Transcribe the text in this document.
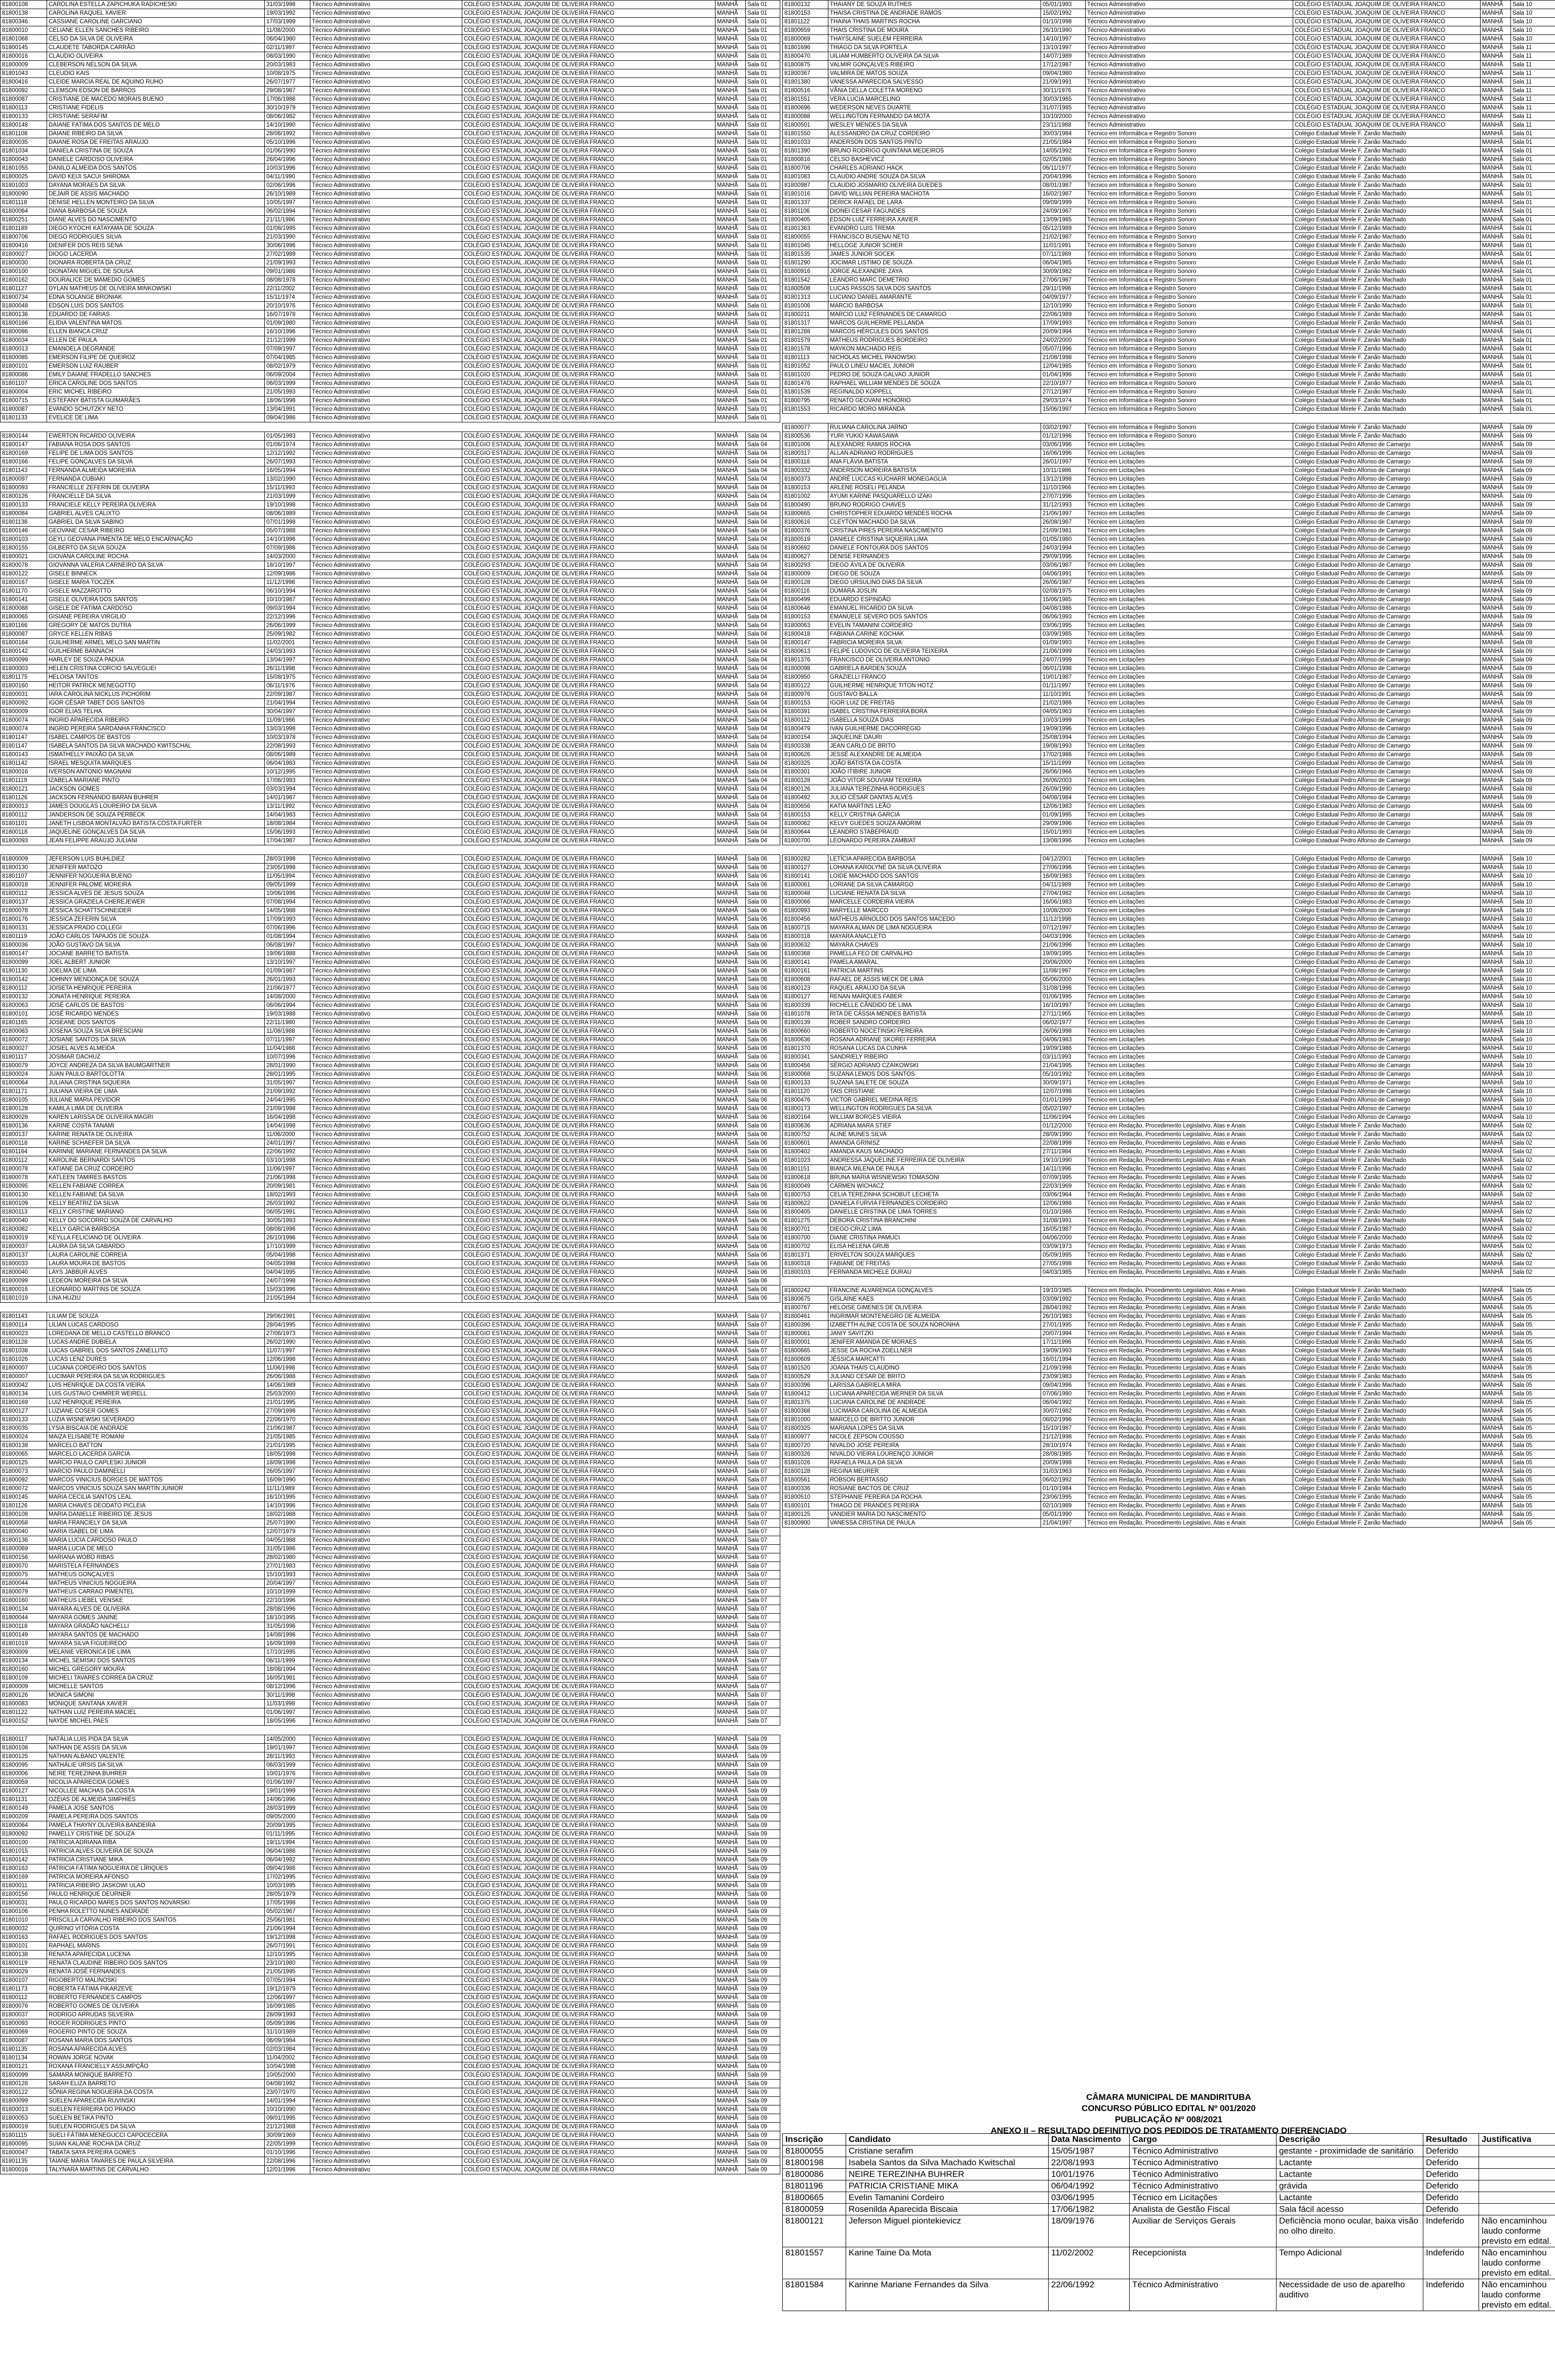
81800108	CAROLINA ESTELLA ZAPICHUKA RADICHESKI	31/03/1998	Técnico Administrativo	COLÉGIO ESTADUAL JOAQUIM DE OLIVEIRA FRANCO	MANHÃ	Sala 01
81800138	CAROLINA RAQUEL XAVIER	19/03/1992	Técnico Administrativo	COLÉGIO ESTADUAL JOAQUIM DE OLIVEIRA FRANCO	MANHÃ	Sala 01
81800346	CASSIANE CAROLINE GARCIANO	17/03/1999	Técnico Administrativo	COLÉGIO ESTADUAL JOAQUIM DE OLIVEIRA FRANCO	MANHÃ	Sala 01
81800010	CELIANE ELLEN SANCHES RIBEIRO	11/08/2000	Técnico Administrativo	COLÉGIO ESTADUAL JOAQUIM DE OLIVEIRA FRANCO	MANHÃ	Sala 01
81801068	CELSO DA SILVA DE OLIVEIRA	06/04/1980	Técnico Administrativo	COLÉGIO ESTADUAL JOAQUIM DE OLIVEIRA FRANCO	MANHÃ	Sala 01
81800145	CLAUDETE TABORDA CARRÃO	02/11/1987	Técnico Administrativo	COLÉGIO ESTADUAL JOAQUIM DE OLIVEIRA FRANCO	MANHÃ	Sala 01
81800016	CLAUDIO OLIVEIRA	08/03/1990	Técnico Administrativo	COLÉGIO ESTADUAL JOAQUIM DE OLIVEIRA FRANCO	MANHÃ	Sala 01
81800009	CLEBERSON NELSON DA SILVA	20/03/1983	Técnico Administrativo	COLÉGIO ESTADUAL JOAQUIM DE OLIVEIRA FRANCO	MANHÃ	Sala 01
81801043	CLEUDIO KAIS	10/08/1975	Técnico Administrativo	COLÉGIO ESTADUAL JOAQUIM DE OLIVEIRA FRANCO	MANHÃ	Sala 01
81800416	CLEIDE MARCIA REAL DE AQUINO RUHO	26/07/1977	Técnico Administrativo	COLÉGIO ESTADUAL JOAQUIM DE OLIVEIRA FRANCO	MANHÃ	Sala 01
81800092	CLEMSON EDSON DE BARROS	29/08/1987	Técnico Administrativo	COLÉGIO ESTADUAL JOAQUIM DE OLIVEIRA FRANCO	MANHÃ	Sala 01
81800087	CRISTIANE DE MACEDO MORAIS BUENO	17/06/1986	Técnico Administrativo	COLÉGIO ESTADUAL JOAQUIM DE OLIVEIRA FRANCO	MANHÃ	Sala 01
81800113	CRISTIANE FIDELIS	30/10/1979	Técnico Administrativo	COLÉGIO ESTADUAL JOAQUIM DE OLIVEIRA FRANCO	MANHÃ	Sala 01
81800133	CRISTIANE SERAFIM	08/06/1982	Técnico Administrativo	COLÉGIO ESTADUAL JOAQUIM DE OLIVEIRA FRANCO	MANHÃ	Sala 01
81800148	DAIANE FATIMA DOS SANTOS DE MELO	14/10/1990	Técnico Administrativo	COLÉGIO ESTADUAL JOAQUIM DE OLIVEIRA FRANCO	MANHÃ	Sala 01
81801108	DAIANE RIBEIRO DA SILVA	28/06/1992	Técnico Administrativo	COLÉGIO ESTADUAL JOAQUIM DE OLIVEIRA FRANCO	MANHÃ	Sala 01
81800035	DAIANE ROSA DE FREITAS ARAUJO	05/10/1996	Técnico Administrativo	COLÉGIO ESTADUAL JOAQUIM DE OLIVEIRA FRANCO	MANHÃ	Sala 01
81801034	DANIELA CRISTINA DE SOUZA	01/06/1990	Técnico Administrativo	COLÉGIO ESTADUAL JOAQUIM DE OLIVEIRA FRANCO	MANHÃ	Sala 01
81800043	DANIELE CARDOSO OLIVEIRA	26/04/1996	Técnico Administrativo	COLÉGIO ESTADUAL JOAQUIM DE OLIVEIRA FRANCO	MANHÃ	Sala 01
81801055	DANILO ALMEIDA DOS SANTOS	10/03/1996	Técnico Administrativo	COLÉGIO ESTADUAL JOAQUIM DE OLIVEIRA FRANCO	MANHÃ	Sala 01
81800025	DAVID KEIJI SACUI SHIROMA	04/11/1990	Técnico Administrativo	COLÉGIO ESTADUAL JOAQUIM DE OLIVEIRA FRANCO	MANHÃ	Sala 01
81801003	DAYANA MORAES DA SILVA	02/06/1996	Técnico Administrativo	COLÉGIO ESTADUAL JOAQUIM DE OLIVEIRA FRANCO	MANHÃ	Sala 01
81800090	DEJAIR DE ASSIS MACHADO	26/10/1989	Técnico Administrativo	COLÉGIO ESTADUAL JOAQUIM DE OLIVEIRA FRANCO	MANHÃ	Sala 01
81801118	DENISE HELLEN MONTEIRO DA SILVA	10/05/1997	Técnico Administrativo	COLÉGIO ESTADUAL JOAQUIM DE OLIVEIRA FRANCO	MANHÃ	Sala 01
81800064	DIANA BARBOSA DE SOUZA	06/02/1994	Técnico Administrativo	COLÉGIO ESTADUAL JOAQUIM DE OLIVEIRA FRANCO	MANHÃ	Sala 01
81800251	DIANE ALVES DO NASCIMENTO	21/11/1986	Técnico Administrativo	COLÉGIO ESTADUAL JOAQUIM DE OLIVEIRA FRANCO	MANHÃ	Sala 01
81801189	DIEGO KYOCHI KATAYAMA DE SOUZA	01/08/1995	Técnico Administrativo	COLÉGIO ESTADUAL JOAQUIM DE OLIVEIRA FRANCO	MANHÃ	Sala 01
81800706	DIEGO RODRIGUES SILVA	21/03/1990	Técnico Administrativo	COLÉGIO ESTADUAL JOAQUIM DE OLIVEIRA FRANCO	MANHÃ	Sala 01
81800416	DIENIFER DOS REIS SENA	30/06/1996	Técnico Administrativo	COLÉGIO ESTADUAL JOAQUIM DE OLIVEIRA FRANCO	MANHÃ	Sala 01
81800027	DIOGO LACERDA	27/02/1989	Técnico Administrativo	COLÉGIO ESTADUAL JOAQUIM DE OLIVEIRA FRANCO	MANHÃ	Sala 01
81800030	DIONARA ROBERTA DA CRUZ	21/09/1993	Técnico Administrativo	COLÉGIO ESTADUAL JOAQUIM DE OLIVEIRA FRANCO	MANHÃ	Sala 01
81800100	DIONATAN MIGUEL DE SOUSA	09/01/1986	Técnico Administrativo	COLÉGIO ESTADUAL JOAQUIM DE OLIVEIRA FRANCO	MANHÃ	Sala 01
81800162	DOURALICE DE MAMEDIO GOMES	08/08/1978	Técnico Administrativo	COLÉGIO ESTADUAL JOAQUIM DE OLIVEIRA FRANCO	MANHÃ	Sala 01
81801127	DYLAN MATHEUS DE OLIVEIRA MINKOWSKI	22/11/2002	Técnico Administrativo	COLÉGIO ESTADUAL JOAQUIM DE OLIVEIRA FRANCO	MANHÃ	Sala 01
81800734	EDNA SOLANGE BRONIAK	15/11/1974	Técnico Administrativo	COLÉGIO ESTADUAL JOAQUIM DE OLIVEIRA FRANCO	MANHÃ	Sala 01
81800048	EDSON LUIS DOS SANTOS	20/10/1976	Técnico Administrativo	COLÉGIO ESTADUAL JOAQUIM DE OLIVEIRA FRANCO	MANHÃ	Sala 01
81800136	EDUARDO DE FARIAS	16/07/1978	Técnico Administrativo	COLÉGIO ESTADUAL JOAQUIM DE OLIVEIRA FRANCO	MANHÃ	Sala 01
81800166	ELIDIA VALENTINA MATOS	01/09/1980	Técnico Administrativo	COLÉGIO ESTADUAL JOAQUIM DE OLIVEIRA FRANCO	MANHÃ	Sala 01
81800086	ELLEN BIANCA CRUZ	16/10/1996	Técnico Administrativo	COLÉGIO ESTADUAL JOAQUIM DE OLIVEIRA FRANCO	MANHÃ	Sala 01
81800034	ELLEN DE PAULA	21/12/1999	Técnico Administrativo	COLÉGIO ESTADUAL JOAQUIM DE OLIVEIRA FRANCO	MANHÃ	Sala 01
81800013	EMANOELA DEGRANDE	07/09/1997	Técnico Administrativo	COLÉGIO ESTADUAL JOAQUIM DE OLIVEIRA FRANCO	MANHÃ	Sala 01
81800085	EMERSON FILIPE DE QUEIROZ	07/04/1985	Técnico Administrativo	COLÉGIO ESTADUAL JOAQUIM DE OLIVEIRA FRANCO	MANHÃ	Sala 01
81800101	EMERSON LUIZ RAUBER	08/02/1979	Técnico Administrativo	COLÉGIO ESTADUAL JOAQUIM DE OLIVEIRA FRANCO	MANHÃ	Sala 01
81800086	EMILY DAIANE FRADELLO SANCHES	06/09/2004	Técnico Administrativo	COLÉGIO ESTADUAL JOAQUIM DE OLIVEIRA FRANCO	MANHÃ	Sala 01
81801107	ERICA CAROLINE DOS SANTOS	06/03/1999	Técnico Administrativo	COLÉGIO ESTADUAL JOAQUIM DE OLIVEIRA FRANCO	MANHÃ	Sala 01
81800004	ERIC MICHEL RIBEIRO	21/05/1993	Técnico Administrativo	COLÉGIO ESTADUAL JOAQUIM DE OLIVEIRA FRANCO	MANHÃ	Sala 01
81800715	ESTEFANY BATISTA GUIMARÃES	18/06/1998	Técnico Administrativo	COLÉGIO ESTADUAL JOAQUIM DE OLIVEIRA FRANCO	MANHÃ	Sala 01
81800087	EVANDO SCHUTZKY NETO	13/04/1991	Técnico Administrativo	COLÉGIO ESTADUAL JOAQUIM DE OLIVEIRA FRANCO	MANHÃ	Sala 01
81801133	EVELICE DE LIMA	09/04/1986	Técnico Administrativo	COLÉGIO ESTADUAL JOAQUIM DE OLIVEIRA FRANCO	MANHÃ	Sala 01
81800144	EWERTON RICARDO OLIVEIRA	01/05/1993	Técnico Administrativo	COLÉGIO ESTADUAL JOAQUIM DE OLIVEIRA FRANCO	MANHÃ	Sala 04
81800147	FABIANA ROSA DOS SANTOS	01/06/1974	Técnico Administrativo	COLÉGIO ESTADUAL JOAQUIM DE OLIVEIRA FRANCO	MANHÃ	Sala 04
81800169	FELIPE DE LIMA DOS SANTOS	12/12/1992	Técnico Administrativo	COLÉGIO ESTADUAL JOAQUIM DE OLIVEIRA FRANCO	MANHÃ	Sala 04
81800166	FELIPE GONÇALVES DA SILVA	26/07/1993	Técnico Administrativo	COLÉGIO ESTADUAL JOAQUIM DE OLIVEIRA FRANCO	MANHÃ	Sala 04
81801143	FERNANDA ALMEIDA MOREIRA	16/05/1994	Técnico Administrativo	COLÉGIO ESTADUAL JOAQUIM DE OLIVEIRA FRANCO	MANHÃ	Sala 04
81800097	FERNANDA CUBIAKI	13/02/1990	Técnico Administrativo	COLÉGIO ESTADUAL JOAQUIM DE OLIVEIRA FRANCO	MANHÃ	Sala 04
81800093	FRANCIELLE ZEFERIN DE OLIVEIRA	15/11/1993	Técnico Administrativo	COLÉGIO ESTADUAL JOAQUIM DE OLIVEIRA FRANCO	MANHÃ	Sala 04
81800126	FRANCIELLE DA SILVA	21/03/1999	Técnico Administrativo	COLÉGIO ESTADUAL JOAQUIM DE OLIVEIRA FRANCO	MANHÃ	Sala 04
81800133	FRANCIELE KELLY PEREIRA OLIVEIRA	19/10/1998	Técnico Administrativo	COLÉGIO ESTADUAL JOAQUIM DE OLIVEIRA FRANCO	MANHÃ	Sala 04
81800084	GABRIEL ALVES CALIXTO	08/06/1989	Técnico Administrativo	COLÉGIO ESTADUAL JOAQUIM DE OLIVEIRA FRANCO	MANHÃ	Sala 04
81801138	GABRIEL DA SILVA SABINO	07/01/1998	Técnico Administrativo	COLÉGIO ESTADUAL JOAQUIM DE OLIVEIRA FRANCO	MANHÃ	Sala 04
81800146	GEOVANE CESAR RIBEIRO	05/07/1988	Técnico Administrativo	COLÉGIO ESTADUAL JOAQUIM DE OLIVEIRA FRANCO	MANHÃ	Sala 04
81800103	GEYLI GEOVANA PIMENTA DE MELO ENCARNAÇÃO	14/10/1996	Técnico Administrativo	COLÉGIO ESTADUAL JOAQUIM DE OLIVEIRA FRANCO	MANHÃ	Sala 04
81800155	GILBERTO DA SILVA SOUZA	07/09/1986	Técnico Administrativo	COLÉGIO ESTADUAL JOAQUIM DE OLIVEIRA FRANCO	MANHÃ	Sala 04
81800021	GIOVANA CAROLINE ROCHA	14/03/2000	Técnico Administrativo	COLÉGIO ESTADUAL JOAQUIM DE OLIVEIRA FRANCO	MANHÃ	Sala 04
81800078	GIOVANNA VALERIA CARNEIRO DA SILVA	18/10/1997	Técnico Administrativo	COLÉGIO ESTADUAL JOAQUIM DE OLIVEIRA FRANCO	MANHÃ	Sala 04
81800122	GISELE BINNECK	12/09/1986	Técnico Administrativo	COLÉGIO ESTADUAL JOAQUIM DE OLIVEIRA FRANCO	MANHÃ	Sala 04
81800167	GISELE MARIA TOCZEK	11/12/1998	Técnico Administrativo	COLÉGIO ESTADUAL JOAQUIM DE OLIVEIRA FRANCO	MANHÃ	Sala 04
81801170	GISELE MAZZAROTTO	06/10/1994	Técnico Administrativo	COLÉGIO ESTADUAL JOAQUIM DE OLIVEIRA FRANCO	MANHÃ	Sala 04
81800141	GISELE OLIVEIRA DOS SANTOS	10/10/1987	Técnico Administrativo	COLÉGIO ESTADUAL JOAQUIM DE OLIVEIRA FRANCO	MANHÃ	Sala 04
81800088	GISELE DE FATIMA CARDOSO	09/03/1994	Técnico Administrativo	COLÉGIO ESTADUAL JOAQUIM DE OLIVEIRA FRANCO	MANHÃ	Sala 04
81800065	GISIANE PEREIRA VIRGILIO	22/12/1996	Técnico Administrativo	COLÉGIO ESTADUAL JOAQUIM DE OLIVEIRA FRANCO	MANHÃ	Sala 04
81801166	GREGORY DE MATOS DUTRA	26/06/1999	Técnico Administrativo	COLÉGIO ESTADUAL JOAQUIM DE OLIVEIRA FRANCO	MANHÃ	Sala 04
81800087	GRYCE KELLEN RIBAS	25/09/1982	Técnico Administrativo	COLÉGIO ESTADUAL JOAQUIM DE OLIVEIRA FRANCO	MANHÃ	Sala 04
81800164	GUILHERME ARMEL MELO SAN MARTIN	11/02/2001	Técnico Administrativo	COLÉGIO ESTADUAL JOAQUIM DE OLIVEIRA FRANCO	MANHÃ	Sala 04
81800142	GUILHERME BANNACH	24/03/1993	Técnico Administrativo	COLÉGIO ESTADUAL JOAQUIM DE OLIVEIRA FRANCO	MANHÃ	Sala 04
81800099	HARLEY DE SOUZA PADUA	13/04/1997	Técnico Administrativo	COLÉGIO ESTADUAL JOAQUIM DE OLIVEIRA FRANCO	MANHÃ	Sala 04
81800003	HELEN CRISTINA CORCIO SALVEGLIEI	26/11/1998	Técnico Administrativo	COLÉGIO ESTADUAL JOAQUIM DE OLIVEIRA FRANCO	MANHÃ	Sala 04
81801175	HELOISA TANTOS	15/08/1975	Técnico Administrativo	COLÉGIO ESTADUAL JOAQUIM DE OLIVEIRA FRANCO	MANHÃ	Sala 04
81800160	HEITOR PATRICK MENEGOTTO	06/11/1976	Técnico Administrativo	COLÉGIO ESTADUAL JOAQUIM DE OLIVEIRA FRANCO	MANHÃ	Sala 04
81800031	IARA CAROLINA NICKLUS PICHORIM	22/09/1987	Técnico Administrativo	COLÉGIO ESTADUAL JOAQUIM DE OLIVEIRA FRANCO	MANHÃ	Sala 04
81800092	IGOR CÉSAR TABET DOS SANTOS	21/04/1994	Técnico Administrativo	COLÉGIO ESTADUAL JOAQUIM DE OLIVEIRA FRANCO	MANHÃ	Sala 04
81800009	IGOR ELIAS TELHA	30/04/1997	Técnico Administrativo	COLÉGIO ESTADUAL JOAQUIM DE OLIVEIRA FRANCO	MANHÃ	Sala 04
81800074	INGRID APARECIDA RIBEIRO	11/09/1986	Técnico Administrativo	COLÉGIO ESTADUAL JOAQUIM DE OLIVEIRA FRANCO	MANHÃ	Sala 04
81800074	INGRID PEREIRA SARDANHA FRANCISCO	13/03/1998	Técnico Administrativo	COLÉGIO ESTADUAL JOAQUIM DE OLIVEIRA FRANCO	MANHÃ	Sala 04
81801147	ISABEL CAMPOS DE BASTOS	10/03/1978	Técnico Administrativo	COLÉGIO ESTADUAL JOAQUIM DE OLIVEIRA FRANCO	MANHÃ	Sala 04
81801147	ISABELA SANTOS DA SILVA MACHADO KWITSCHAL	22/08/1993	Técnico Administrativo	COLÉGIO ESTADUAL JOAQUIM DE OLIVEIRA FRANCO	MANHÃ	Sala 04
81800143	ISMATHELLY PAIXÃO DA SILVA	08/06/1989	Técnico Administrativo	COLÉGIO ESTADUAL JOAQUIM DE OLIVEIRA FRANCO	MANHÃ	Sala 04
81801142	ISRAEL MESQUITA MARQUES	06/04/1983	Técnico Administrativo	COLÉGIO ESTADUAL JOAQUIM DE OLIVEIRA FRANCO	MANHÃ	Sala 04
81800016	IVERSON ANTONIO MAGNANI	10/12/1995	Técnico Administrativo	COLÉGIO ESTADUAL JOAQUIM DE OLIVEIRA FRANCO	MANHÃ	Sala 04
81801119	IZABELA MARIANE PINTO	17/06/1993	Técnico Administrativo	COLÉGIO ESTADUAL JOAQUIM DE OLIVEIRA FRANCO	MANHÃ	Sala 04
81800121	JACKSON GOMES	03/03/1994	Técnico Administrativo	COLÉGIO ESTADUAL JOAQUIM DE OLIVEIRA FRANCO	MANHÃ	Sala 04
81801126	JACKSON FERNANDO BARAN BUHRER	14/01/1987	Técnico Administrativo	COLÉGIO ESTADUAL JOAQUIM DE OLIVEIRA FRANCO	MANHÃ	Sala 04
81800013	JAMES DOUGLAS LOUREIRO DA SILVA	13/11/1992	Técnico Administrativo	COLÉGIO ESTADUAL JOAQUIM DE OLIVEIRA FRANCO	MANHÃ	Sala 04
81800112	JANDERSON DE SOUZA PERBECK	14/04/1983	Técnico Administrativo	COLÉGIO ESTADUAL JOAQUIM DE OLIVEIRA FRANCO	MANHÃ	Sala 04
81801101	JANETH LISBOA MONTALVÃO BATISTA COSTA FURTER	18/08/1984	Técnico Administrativo	COLÉGIO ESTADUAL JOAQUIM DE OLIVEIRA FRANCO	MANHÃ	Sala 04
81800118	JAQUELINE GONÇALVES DA SILVA	15/06/1993	Técnico Administrativo	COLÉGIO ESTADUAL JOAQUIM DE OLIVEIRA FRANCO	MANHÃ	Sala 04
81800093	JEAN FELIPPE ARAUJO JULIANI	17/04/1987	Técnico Administrativo	COLÉGIO ESTADUAL JOAQUIM DE OLIVEIRA FRANCO	MANHÃ	Sala 04
81800009	JEFERSON LUIS BUHLDIEZ	28/03/1998	Técnico Administrativo	COLÉGIO ESTADUAL JOAQUIM DE OLIVEIRA FRANCO	MANHÃ	Sala 06
81800130	JENIFFER MATOZO	23/05/1998	Técnico Administrativo	COLÉGIO ESTADUAL JOAQUIM DE OLIVEIRA FRANCO	MANHÃ	Sala 06
81801107	JENNIFER NOGUEIRA BUENO	11/05/1994	Técnico Administrativo	COLÉGIO ESTADUAL JOAQUIM DE OLIVEIRA FRANCO	MANHÃ	Sala 06
81800018	JENNIFER PALOME MOREIRA	09/05/1999	Técnico Administrativo	COLÉGIO ESTADUAL JOAQUIM DE OLIVEIRA FRANCO	MANHÃ	Sala 06
81800112	JESSICA ALVES DE JESUS SOUZA	10/06/1996	Técnico Administrativo	COLÉGIO ESTADUAL JOAQUIM DE OLIVEIRA FRANCO	MANHÃ	Sala 06
81800137	JESSICA GRAZIELA CHEREJEWER	07/08/1994	Técnico Administrativo	COLÉGIO ESTADUAL JOAQUIM DE OLIVEIRA FRANCO	MANHÃ	Sala 06
81800078	JÉSSICA SCHATTSCHNEIDER	14/05/1988	Técnico Administrativo	COLÉGIO ESTADUAL JOAQUIM DE OLIVEIRA FRANCO	MANHÃ	Sala 06
81800176	JESSICA ZEFERIN SILVA	17/09/1993	Técnico Administrativo	COLÉGIO ESTADUAL JOAQUIM DE OLIVEIRA FRANCO	MANHÃ	Sala 06
81800131	JESSICA PRADO COLLEGI	07/06/1996	Técnico Administrativo	COLÉGIO ESTADUAL JOAQUIM DE OLIVEIRA FRANCO	MANHÃ	Sala 06
81801119	JOÃO CARLOS TAPAJÓS DE SOUZA	01/08/1994	Técnico Administrativo	COLÉGIO ESTADUAL JOAQUIM DE OLIVEIRA FRANCO	MANHÃ	Sala 06
81800036	JOÃO GUSTAVO DA SILVA	06/08/1997	Técnico Administrativo	COLÉGIO ESTADUAL JOAQUIM DE OLIVEIRA FRANCO	MANHÃ	Sala 06
81800147	JOCIANE BARRETO BATISTA	19/06/1988	Técnico Administrativo	COLÉGIO ESTADUAL JOAQUIM DE OLIVEIRA FRANCO	MANHÃ	Sala 06
81800099	JOEL ALBERT JUNIOR	13/10/1997	Técnico Administrativo	COLÉGIO ESTADUAL JOAQUIM DE OLIVEIRA FRANCO	MANHÃ	Sala 06
81801130	JOELMA DE LIMA	01/09/1987	Técnico Administrativo	COLÉGIO ESTADUAL JOAQUIM DE OLIVEIRA FRANCO	MANHÃ	Sala 06
81800142	JOHNNY MENDONÇA DE SOUZA	26/01/1993	Técnico Administrativo	COLÉGIO ESTADUAL JOAQUIM DE OLIVEIRA FRANCO	MANHÃ	Sala 06
81800112	JOISETA HENRIQUE PEREIRA	21/06/1977	Técnico Administrativo	COLÉGIO ESTADUAL JOAQUIM DE OLIVEIRA FRANCO	MANHÃ	Sala 06
81800132	JONATA HENRIQUE PEREIRA	14/08/2000	Técnico Administrativo	COLÉGIO ESTADUAL JOAQUIM DE OLIVEIRA FRANCO	MANHÃ	Sala 06
81800063	JOSÉ CARLOS DE BASTOS	06/06/1994	Técnico Administrativo	COLÉGIO ESTADUAL JOAQUIM DE OLIVEIRA FRANCO	MANHÃ	Sala 06
81800101	JOSÉ RICARDO MENDES	19/03/1988	Técnico Administrativo	COLÉGIO ESTADUAL JOAQUIM DE OLIVEIRA FRANCO	MANHÃ	Sala 06
81801165	JOSEANE DOS SANTOS	22/11/1980	Técnico Administrativo	COLÉGIO ESTADUAL JOAQUIM DE OLIVEIRA FRANCO	MANHÃ	Sala 06
81800083	JOSENA SOUZA SILVA BRESCIANI	11/08/1988	Técnico Administrativo	COLÉGIO ESTADUAL JOAQUIM DE OLIVEIRA FRANCO	MANHÃ	Sala 06
81800072	JOSIANE SANTOS DA SILVA	07/11/1997	Técnico Administrativo	COLÉGIO ESTADUAL JOAQUIM DE OLIVEIRA FRANCO	MANHÃ	Sala 06
81800027	JOSIEL ALVES ALMEIDA	11/04/1988	Técnico Administrativo	COLÉGIO ESTADUAL JOAQUIM DE OLIVEIRA FRANCO	MANHÃ	Sala 06
81801117	JOSIMAR DACHUZ	10/07/1996	Técnico Administrativo	COLÉGIO ESTADUAL JOAQUIM DE OLIVEIRA FRANCO	MANHÃ	Sala 06
81800079	JOYCE ANDREZA DA SILVA BAUMGARTNER	28/01/1990	Técnico Administrativo	COLÉGIO ESTADUAL JOAQUIM DE OLIVEIRA FRANCO	MANHÃ	Sala 06
81800024	JUAN PAULO BARTOLOTTA	28/01/1995	Técnico Administrativo	COLÉGIO ESTADUAL JOAQUIM DE OLIVEIRA FRANCO	MANHÃ	Sala 06
81800064	JULIANA CRISTINA SIQUEIRA	31/05/1997	Técnico Administrativo	COLÉGIO ESTADUAL JOAQUIM DE OLIVEIRA FRANCO	MANHÃ	Sala 06
81801171	JULIANA VIEIRA DE LIMA	21/09/1992	Técnico Administrativo	COLÉGIO ESTADUAL JOAQUIM DE OLIVEIRA FRANCO	MANHÃ	Sala 06
81800105	JULIANE MARIA PEVIDOR	24/04/1995	Técnico Administrativo	COLÉGIO ESTADUAL JOAQUIM DE OLIVEIRA FRANCO	MANHÃ	Sala 06
81800128	KAMILA LIMA DE OLIVEIRA	21/09/1998	Técnico Administrativo	COLÉGIO ESTADUAL JOAQUIM DE OLIVEIRA FRANCO	MANHÃ	Sala 06
81800028	KAREN LARISSA DE OLIVEIRA MAGRI	16/04/1998	Técnico Administrativo	COLÉGIO ESTADUAL JOAQUIM DE OLIVEIRA FRANCO	MANHÃ	Sala 06
81800136	KARINE COSTA TANAMI	14/04/1998	Técnico Administrativo	COLÉGIO ESTADUAL JOAQUIM DE OLIVEIRA FRANCO	MANHÃ	Sala 06
81800137	KARINE RENATA DE OLIVEIRA	11/06/2000	Técnico Administrativo	COLÉGIO ESTADUAL JOAQUIM DE OLIVEIRA FRANCO	MANHÃ	Sala 06
81800118	KARINE SCHAEFER DA SILVA	24/01/1997	Técnico Administrativo	COLÉGIO ESTADUAL JOAQUIM DE OLIVEIRA FRANCO	MANHÃ	Sala 06
81801164	KARINNE MARIANE FERNANDES DA SILVA	22/06/1992	Técnico Administrativo	COLÉGIO ESTADUAL JOAQUIM DE OLIVEIRA FRANCO	MANHÃ	Sala 06
81800112	KAROLINE BERNARDI SANTOS	03/10/1998	Técnico Administrativo	COLÉGIO ESTADUAL JOAQUIM DE OLIVEIRA FRANCO	MANHÃ	Sala 06
81800078	KATIANE DA CRUZ CORDEIRO	11/06/1997	Técnico Administrativo	COLÉGIO ESTADUAL JOAQUIM DE OLIVEIRA FRANCO	MANHÃ	Sala 06
81800078	KATLEEN TAMIRES BASTOS	21/06/1998	Técnico Administrativo	COLÉGIO ESTADUAL JOAQUIM DE OLIVEIRA FRANCO	MANHÃ	Sala 06
81800095	KELLEN FABIANE CORREA	20/09/1981	Técnico Administrativo	COLÉGIO ESTADUAL JOAQUIM DE OLIVEIRA FRANCO	MANHÃ	Sala 06
81800130	KELLEN FABIANE DA SILVA	18/02/1993	Técnico Administrativo	COLÉGIO ESTADUAL JOAQUIM DE OLIVEIRA FRANCO	MANHÃ	Sala 06
81800109	KELLY BEATRIZ DA SILVA	26/03/1992	Técnico Administrativo	COLÉGIO ESTADUAL JOAQUIM DE OLIVEIRA FRANCO	MANHÃ	Sala 06
81800113	KELLY CRISTINE MARIANO	06/05/1991	Técnico Administrativo	COLÉGIO ESTADUAL JOAQUIM DE OLIVEIRA FRANCO	MANHÃ	Sala 06
81800040	KELLY DO SOCORRO SOUZA DE CARVALHO	30/05/1993	Técnico Administrativo	COLÉGIO ESTADUAL JOAQUIM DE OLIVEIRA FRANCO	MANHÃ	Sala 06
81800082	KELLY GARCIA BARBOSA	08/08/1996	Técnico Administrativo	COLÉGIO ESTADUAL JOAQUIM DE OLIVEIRA FRANCO	MANHÃ	Sala 06
81800019	KEYLLA FELICIANO DE OLIVEIRA	26/10/1996	Técnico Administrativo	COLÉGIO ESTADUAL JOAQUIM DE OLIVEIRA FRANCO	MANHÃ	Sala 06
81800037	LAURA DA SILVA GABARDO	17/10/1999	Técnico Administrativo	COLÉGIO ESTADUAL JOAQUIM DE OLIVEIRA FRANCO	MANHÃ	Sala 06
81800137	LAURA CAROLINE CORREIA	05/04/1998	Técnico Administrativo	COLÉGIO ESTADUAL JOAQUIM DE OLIVEIRA FRANCO	MANHÃ	Sala 06
81800033	LAURA MOURA DE BASTOS	04/05/1998	Técnico Administrativo	COLÉGIO ESTADUAL JOAQUIM DE OLIVEIRA FRANCO	MANHÃ	Sala 06
81800040	LAYS JABBUR ALVES	04/04/1995	Técnico Administrativo	COLÉGIO ESTADUAL JOAQUIM DE OLIVEIRA FRANCO	MANHÃ	Sala 06
81800099	LEDEON MOREIRA DA SILVA	24/07/1998	Técnico Administrativo	COLÉGIO ESTADUAL JOAQUIM DE OLIVEIRA FRANCO	MANHÃ	Sala 06
81800016	LEONARDO MARTINS DE SOUZA	15/03/1996	Técnico Administrativo	COLÉGIO ESTADUAL JOAQUIM DE OLIVEIRA FRANCO	MANHÃ	Sala 06
81801019	LINA HUZIU	21/05/1994	Técnico Administrativo	COLÉGIO ESTADUAL JOAQUIM DE OLIVEIRA FRANCO	MANHÃ	Sala 06
81801143	LILIAM DE SOUZA	29/06/1991	Técnico Administrativo	COLÉGIO ESTADUAL JOAQUIM DE OLIVEIRA FRANCO	MANHÃ	Sala 07
81800114	LILIAN LUCAS CARDOSO	28/04/1995	Técnico Administrativo	COLÉGIO ESTADUAL JOAQUIM DE OLIVEIRA FRANCO	MANHÃ	Sala 07
81800023	LOREDANA DE MELLO CASTELLO BRANCO	27/06/1973	Técnico Administrativo	COLÉGIO ESTADUAL JOAQUIM DE OLIVEIRA FRANCO	MANHÃ	Sala 07
81801128	LUCAS ANDRE DUBIELA	26/02/1990	Técnico Administrativo	COLÉGIO ESTADUAL JOAQUIM DE OLIVEIRA FRANCO	MANHÃ	Sala 07
81801038	LUCAS GABRIEL DOS SANTOS ZANELLITO	11/07/1997	Técnico Administrativo	COLÉGIO ESTADUAL JOAQUIM DE OLIVEIRA FRANCO	MANHÃ	Sala 07
81801026	LUCAS LENZ DURES	12/06/1998	Técnico Administrativo	COLÉGIO ESTADUAL JOAQUIM DE OLIVEIRA FRANCO	MANHÃ	Sala 07
81800007	LUCIANA CORDEIRO DOS SANTOS	11/06/1998	Técnico Administrativo	COLÉGIO ESTADUAL JOAQUIM DE OLIVEIRA FRANCO	MANHÃ	Sala 07
81800007	LUCIMAR PEREIRA DA SILVA RODRIGUES	26/06/1988	Técnico Administrativo	COLÉGIO ESTADUAL JOAQUIM DE OLIVEIRA FRANCO	MANHÃ	Sala 07
81800042	LUIS HENRIQUE DA COSTA VIEIRA	14/06/1989	Técnico Administrativo	COLÉGIO ESTADUAL JOAQUIM DE OLIVEIRA FRANCO	MANHÃ	Sala 07
81800134	LUIS GUSTAVO CHIMRER WEIRELL	25/03/2000	Técnico Administrativo	COLÉGIO ESTADUAL JOAQUIM DE OLIVEIRA FRANCO	MANHÃ	Sala 07
81800169	LUIZ HENRIQUE PEREIRA	21/01/1995	Técnico Administrativo	COLÉGIO ESTADUAL JOAQUIM DE OLIVEIRA FRANCO	MANHÃ	Sala 07
81800127	LUZIANE COSER GOMES	27/09/1998	Técnico Administrativo	COLÉGIO ESTADUAL JOAQUIM DE OLIVEIRA FRANCO	MANHÃ	Sala 07
81800133	LUZIA WISNEWSKI SEVERADO	22/06/1970	Técnico Administrativo	COLÉGIO ESTADUAL JOAQUIM DE OLIVEIRA FRANCO	MANHÃ	Sala 07
81800035	LYSIA BISCAIA DE ANDRADE	21/06/1987	Técnico Administrativo	COLÉGIO ESTADUAL JOAQUIM DE OLIVEIRA FRANCO	MANHÃ	Sala 07
81800024	MAIZA ELISABETE ROMANI	21/05/1985	Técnico Administrativo	COLÉGIO ESTADUAL JOAQUIM DE OLIVEIRA FRANCO	MANHÃ	Sala 07
81800138	MARCELO BATTON	21/01/1995	Técnico Administrativo	COLÉGIO ESTADUAL JOAQUIM DE OLIVEIRA FRANCO	MANHÃ	Sala 07
81800065	MARCELO LACERDA GARCIA	18/05/1998	Técnico Administrativo	COLÉGIO ESTADUAL JOAQUIM DE OLIVEIRA FRANCO	MANHÃ	Sala 07
81800125	MARCIO PAULO CAPLESKI JUNIOR	18/09/1998	Técnico Administrativo	COLÉGIO ESTADUAL JOAQUIM DE OLIVEIRA FRANCO	MANHÃ	Sala 07
81800073	MARCIO PAULO DAMINELLI	26/05/1997	Técnico Administrativo	COLÉGIO ESTADUAL JOAQUIM DE OLIVEIRA FRANCO	MANHÃ	Sala 07
81800092	MARCOS VINICIUS BORGES DE MATTOS	16/09/1990	Técnico Administrativo	COLÉGIO ESTADUAL JOAQUIM DE OLIVEIRA FRANCO	MANHÃ	Sala 07
81800072	MARCOS VINICIUS SOUZA SAN MARTIN JUNIOR	11/11/1989	Técnico Administrativo	COLÉGIO ESTADUAL JOAQUIM DE OLIVEIRA FRANCO	MANHÃ	Sala 07
81800145	MARIA CECILIA SANTOS LEAL	16/10/1995	Técnico Administrativo	COLÉGIO ESTADUAL JOAQUIM DE OLIVEIRA FRANCO	MANHÃ	Sala 07
81801126	MARIA CHAVES DEODATO PICLEIA	14/10/1996	Técnico Administrativo	COLÉGIO ESTADUAL JOAQUIM DE OLIVEIRA FRANCO	MANHÃ	Sala 07
81800108	MARIA DANIELLE RIBEIRO DE JESUS	18/02/1988	Técnico Administrativo	COLÉGIO ESTADUAL JOAQUIM DE OLIVEIRA FRANCO	MANHÃ	Sala 07
81800058	MARIA FRANCIELY DA SILVA	25/07/1990	Técnico Administrativo	COLÉGIO ESTADUAL JOAQUIM DE OLIVEIRA FRANCO	MANHÃ	Sala 07
81800040	MARIA ISABEL DE LIMA	12/07/1979	Técnico Administrativo	COLÉGIO ESTADUAL JOAQUIM DE OLIVEIRA FRANCO	MANHÃ	Sala 07
81800136	MARIA LUCIA CARDOSO PAULO	04/05/1988	Técnico Administrativo	COLÉGIO ESTADUAL JOAQUIM DE OLIVEIRA FRANCO	MANHÃ	Sala 07
81800069	MARIA LUCIA DE MELO	31/05/1986	Técnico Administrativo	COLÉGIO ESTADUAL JOAQUIM DE OLIVEIRA FRANCO	MANHÃ	Sala 07
81800156	MARIANA WOBO RIBAS	28/02/1980	Técnico Administrativo	COLÉGIO ESTADUAL JOAQUIM DE OLIVEIRA FRANCO	MANHÃ	Sala 07
81800070	MARISTELA FERNANDES	27/01/1983	Técnico Administrativo	COLÉGIO ESTADUAL JOAQUIM DE OLIVEIRA FRANCO	MANHÃ	Sala 07
81800075	MATHEUS GONÇALVES	15/10/1993	Técnico Administrativo	COLÉGIO ESTADUAL JOAQUIM DE OLIVEIRA FRANCO	MANHÃ	Sala 07
81800044	MATHEUS VINICIUS NOGUEIRA	20/04/1997	Técnico Administrativo	COLÉGIO ESTADUAL JOAQUIM DE OLIVEIRA FRANCO	MANHÃ	Sala 07
81800079	MATHEUS CARRAO PIMENTEL	10/10/1999	Técnico Administrativo	COLÉGIO ESTADUAL JOAQUIM DE OLIVEIRA FRANCO	MANHÃ	Sala 07
81800160	MATHEUS LIEBEL VENSKE	22/10/1996	Técnico Administrativo	COLÉGIO ESTADUAL JOAQUIM DE OLIVEIRA FRANCO	MANHÃ	Sala 07
81800134	MAYARA ALVES DE OLIVEIRA	28/08/1996	Técnico Administrativo	COLÉGIO ESTADUAL JOAQUIM DE OLIVEIRA FRANCO	MANHÃ	Sala 07
81800044	MAYARA GOMES JANINE	18/10/1995	Técnico Administrativo	COLÉGIO ESTADUAL JOAQUIM DE OLIVEIRA FRANCO	MANHÃ	Sala 07
81800118	MAYARA GRADÃO NACHELLI	31/05/1996	Técnico Administrativo	COLÉGIO ESTADUAL JOAQUIM DE OLIVEIRA FRANCO	MANHÃ	Sala 07
81800149	MAYARA SANTOS DE MACHADO	14/08/1996	Técnico Administrativo	COLÉGIO ESTADUAL JOAQUIM DE OLIVEIRA FRANCO	MANHÃ	Sala 07
81801019	MAYARA SILVA FIGUEIREDO	16/09/1999	Técnico Administrativo	COLÉGIO ESTADUAL JOAQUIM DE OLIVEIRA FRANCO	MANHÃ	Sala 07
81800009	MELANIE VERONICA DE LIMA	17/10/1995	Técnico Administrativo	COLÉGIO ESTADUAL JOAQUIM DE OLIVEIRA FRANCO	MANHÃ	Sala 07
81800134	MICHEL SEMISKI DOS SANTOS	06/11/1999	Técnico Administrativo	COLÉGIO ESTADUAL JOAQUIM DE OLIVEIRA FRANCO	MANHÃ	Sala 07
81800160	MICHEL GREGORY MOURA	18/08/1994	Técnico Administrativo	COLÉGIO ESTADUAL JOAQUIM DE OLIVEIRA FRANCO	MANHÃ	Sala 07
81800109	MICHELI TAVARES CORREA DA CRUZ	16/05/1981	Técnico Administrativo	COLÉGIO ESTADUAL JOAQUIM DE OLIVEIRA FRANCO	MANHÃ	Sala 07
81800009	MICHELLE SANTOS	08/12/1996	Técnico Administrativo	COLÉGIO ESTADUAL JOAQUIM DE OLIVEIRA FRANCO	MANHÃ	Sala 07
81800126	MONICA SIMONI	30/11/1998	Técnico Administrativo	COLÉGIO ESTADUAL JOAQUIM DE OLIVEIRA FRANCO	MANHÃ	Sala 07
81800083	MONIQUE SANTANA XAVIER	11/03/1998	Técnico Administrativo	COLÉGIO ESTADUAL JOAQUIM DE OLIVEIRA FRANCO	MANHÃ	Sala 07
81801122	NATHAN LUIZ PEREIRA MACIEL	01/06/1997	Técnico Administrativo	COLÉGIO ESTADUAL JOAQUIM DE OLIVEIRA FRANCO	MANHÃ	Sala 07
81800152	NAYDE MICHEL PAES	18/05/1996	Técnico Administrativo	COLÉGIO ESTADUAL JOAQUIM DE OLIVEIRA FRANCO	MANHÃ	Sala 07
81800117	NATÁLIA LUIS PIDA DA SILVA	14/05/2000	Técnico Administrativo	COLÉGIO ESTADUAL JOAQUIM DE OLIVEIRA FRANCO	MANHÃ	Sala 09
81800108	NATHAN DE ASSIS DA SILVA	19/01/1997	Técnico Administrativo	COLÉGIO ESTADUAL JOAQUIM DE OLIVEIRA FRANCO	MANHÃ	Sala 09
81800125	NATHAN ALBANO VALENTE	28/11/1993	Técnico Administrativo	COLÉGIO ESTADUAL JOAQUIM DE OLIVEIRA FRANCO	MANHÃ	Sala 09
81800095	NATHÁLIE URSIS DA SILVA	06/03/1999	Técnico Administrativo	COLÉGIO ESTADUAL JOAQUIM DE OLIVEIRA FRANCO	MANHÃ	Sala 09
81800006	NEIRE TEREZINHA BUHRER	10/01/1976	Técnico Administrativo	COLÉGIO ESTADUAL JOAQUIM DE OLIVEIRA FRANCO	MANHÃ	Sala 09
81800059	NICOLIA APARECIDA GOMES	01/06/1997	Técnico Administrativo	COLÉGIO ESTADUAL JOAQUIM DE OLIVEIRA FRANCO	MANHÃ	Sala 09
81800127	NICOLLEE MACHAS DA COSTA	19/01/1999	Técnico Administrativo	COLÉGIO ESTADUAL JOAQUIM DE OLIVEIRA FRANCO	MANHÃ	Sala 09
81801131	OZÉIAS DE ALMEIDA SIMPHIÉS	14/06/1996	Técnico Administrativo	COLÉGIO ESTADUAL JOAQUIM DE OLIVEIRA FRANCO	MANHÃ	Sala 09
81800149	PAMELA JOSE SANTOS	28/03/1999	Técnico Administrativo	COLÉGIO ESTADUAL JOAQUIM DE OLIVEIRA FRANCO	MANHÃ	Sala 09
81800209	PAMELA PEREIRA DOS SANTOS	09/05/2000	Técnico Administrativo	COLÉGIO ESTADUAL JOAQUIM DE OLIVEIRA FRANCO	MANHÃ	Sala 09
81800064	PAMELA THAYNY OLIVEIRA BANDEIRA	20/09/1995	Técnico Administrativo	COLÉGIO ESTADUAL JOAQUIM DE OLIVEIRA FRANCO	MANHÃ	Sala 09
81800092	PAMELLY CRISTINE DE SOUZA	01/11/1995	Técnico Administrativo	COLÉGIO ESTADUAL JOAQUIM DE OLIVEIRA FRANCO	MANHÃ	Sala 09
81800100	PATRICIA ADRIANA RIBA	19/11/1994	Técnico Administrativo	COLÉGIO ESTADUAL JOAQUIM DE OLIVEIRA FRANCO	MANHÃ	Sala 09
81801015	PATRICIA ALVES OLIVEIRA DE SOUZA	06/04/1986	Técnico Administrativo	COLÉGIO ESTADUAL JOAQUIM DE OLIVEIRA FRANCO	MANHÃ	Sala 09
81800142	PATRICIA CRISTIANE MIKA	06/04/1992	Técnico Administrativo	COLÉGIO ESTADUAL JOAQUIM DE OLIVEIRA FRANCO	MANHÃ	Sala 09
81800163	PATRICIA FÁTIMA NOGUEIRA DE LÍRIQUES	09/04/1986	Técnico Administrativo	COLÉGIO ESTADUAL JOAQUIM DE OLIVEIRA FRANCO	MANHÃ	Sala 09
81800169	PATRICIA MOREIRA AFONSO	17/02/1995	Técnico Administrativo	COLÉGIO ESTADUAL JOAQUIM DE OLIVEIRA FRANCO	MANHÃ	Sala 09
81800011	PATRICIA RIBEIRO JASKOWI ULAO	10/03/1995	Técnico Administrativo	COLÉGIO ESTADUAL JOAQUIM DE OLIVEIRA FRANCO	MANHÃ	Sala 09
81800156	PAULO HENRIQUE DEURNER	28/05/1979	Técnico Administrativo	COLÉGIO ESTADUAL JOAQUIM DE OLIVEIRA FRANCO	MANHÃ	Sala 09
81800031	PAULO RICARDO MARES DOS SANTOS NOVARSKI	17/05/1998	Técnico Administrativo	COLÉGIO ESTADUAL JOAQUIM DE OLIVEIRA FRANCO	MANHÃ	Sala 09
81800106	PENHA ROLETTO NUNES ANDRADE	05/02/1967	Técnico Administrativo	COLÉGIO ESTADUAL JOAQUIM DE OLIVEIRA FRANCO	MANHÃ	Sala 09
81801010	PRISCILLA CARVALHO RIBEIRO DOS SANTOS	25/06/1981	Técnico Administrativo	COLÉGIO ESTADUAL JOAQUIM DE OLIVEIRA FRANCO	MANHÃ	Sala 09
81800032	QUIRINO VITÓRIA COSTA	21/06/1994	Técnico Administrativo	COLÉGIO ESTADUAL JOAQUIM DE OLIVEIRA FRANCO	MANHÃ	Sala 09
81800163	RAFAEL RODRIGUES DOS SANTOS	19/12/1998	Técnico Administrativo	COLÉGIO ESTADUAL JOAQUIM DE OLIVEIRA FRANCO	MANHÃ	Sala 09
81800101	RAPHAEL MARINS	26/07/1991	Técnico Administrativo	COLÉGIO ESTADUAL JOAQUIM DE OLIVEIRA FRANCO	MANHÃ	Sala 09
81800138	RENATA APARECIDA LUCENA	12/10/1995	Técnico Administrativo	COLÉGIO ESTADUAL JOAQUIM DE OLIVEIRA FRANCO	MANHÃ	Sala 09
81800119	RENATA CLAUDINE RIBEIRO DOS SANTOS	23/10/1980	Técnico Administrativo	COLÉGIO ESTADUAL JOAQUIM DE OLIVEIRA FRANCO	MANHÃ	Sala 09
81800029	RENATA JOSÉ FERNANDES	21/05/1995	Técnico Administrativo	COLÉGIO ESTADUAL JOAQUIM DE OLIVEIRA FRANCO	MANHÃ	Sala 09
81800107	RIGOBERTO MALINOSKI	07/05/1994	Técnico Administrativo	COLÉGIO ESTADUAL JOAQUIM DE OLIVEIRA FRANCO	MANHÃ	Sala 09
81801173	ROBERTA FÁTIMA PIKARZEVE	19/12/1979	Técnico Administrativo	COLÉGIO ESTADUAL JOAQUIM DE OLIVEIRA FRANCO	MANHÃ	Sala 09
81800112	ROBERTO FERNANDES CAMPOS	12/06/1997	Técnico Administrativo	COLÉGIO ESTADUAL JOAQUIM DE OLIVEIRA FRANCO	MANHÃ	Sala 09
81800076	ROBERTO GOMES DE OLIVEIRA	16/09/1985	Técnico Administrativo	COLÉGIO ESTADUAL JOAQUIM DE OLIVEIRA FRANCO	MANHÃ	Sala 09
81800037	RODRIGO ARRUDAS SILVEIRA	28/09/1993	Técnico Administrativo	COLÉGIO ESTADUAL JOAQUIM DE OLIVEIRA FRANCO	MANHÃ	Sala 09
81800093	ROGER RODRIGUES PINTO	05/09/1996	Técnico Administrativo	COLÉGIO ESTADUAL JOAQUIM DE OLIVEIRA FRANCO	MANHÃ	Sala 09
81800069	ROGERIO PINTO DE SOUZA	31/10/1989	Técnico Administrativo	COLÉGIO ESTADUAL JOAQUIM DE OLIVEIRA FRANCO	MANHÃ	Sala 09
81800087	ROSANA MARIA DOS SANTOS	06/09/1984	Técnico Administrativo	COLÉGIO ESTADUAL JOAQUIM DE OLIVEIRA FRANCO	MANHÃ	Sala 09
81801135	ROSANA APARECIDA ALVES	02/03/1984	Técnico Administrativo	COLÉGIO ESTADUAL JOAQUIM DE OLIVEIRA FRANCO	MANHÃ	Sala 09
81801134	ROWAN JORGE NOVAK	11/04/2002	Técnico Administrativo	COLÉGIO ESTADUAL JOAQUIM DE OLIVEIRA FRANCO	MANHÃ	Sala 09
81800121	ROXANA FRANCIELLY ASSUMPÇÃO	10/04/1998	Técnico Administrativo	COLÉGIO ESTADUAL JOAQUIM DE OLIVEIRA FRANCO	MANHÃ	Sala 09
81800099	SAMARA MONIQUE BARRETO	10/05/2000	Técnico Administrativo	COLÉGIO ESTADUAL JOAQUIM DE OLIVEIRA FRANCO	MANHÃ	Sala 09
81800128	SARAH ELIZA BARRETO	04/08/1992	Técnico Administrativo	COLÉGIO ESTADUAL JOAQUIM DE OLIVEIRA FRANCO	MANHÃ	Sala 09
81800122	SÔNIA REGINA NOGUEIRA DA COSTA	23/07/1970	Técnico Administrativo	COLÉGIO ESTADUAL JOAQUIM DE OLIVEIRA FRANCO	MANHÃ	Sala 09
81800099	SUELEN APARECIDA RUVINSKI	14/01/1994	Técnico Administrativo	COLÉGIO ESTADUAL JOAQUIM DE OLIVEIRA FRANCO	MANHÃ	Sala 09
81800013	SUELEN FERREIRA DO PRADO	10/10/1990	Técnico Administrativo	COLÉGIO ESTADUAL JOAQUIM DE OLIVEIRA FRANCO	MANHÃ	Sala 09
81800053	SUELEN BETIKA PINTO	09/01/1995	Técnico Administrativo	COLÉGIO ESTADUAL JOAQUIM DE OLIVEIRA FRANCO	MANHÃ	Sala 09
81800019	SUELEN RODRIGUES DA SILVA	21/12/1988	Técnico Administrativo	COLÉGIO ESTADUAL JOAQUIM DE OLIVEIRA FRANCO	MANHÃ	Sala 09
81801115	SUELI FÁTIMA MENEGUCCI CAPOCECERA	30/09/1969	Técnico Administrativo	COLÉGIO ESTADUAL JOAQUIM DE OLIVEIRA FRANCO	MANHÃ	Sala 09
81800095	SUIAN KALANE ROCHA DA CRUZ	22/05/1999	Técnico Administrativo	COLÉGIO ESTADUAL JOAQUIM DE OLIVEIRA FRANCO	MANHÃ	Sala 09
81800047	TABATA SAYA PEREIRA GOMES	01/10/1996	Técnico Administrativo	COLÉGIO ESTADUAL JOAQUIM DE OLIVEIRA FRANCO	MANHÃ	Sala 09
81801135	TAIANE MARIA TAVARES DE PAULA SILVEIRA	22/08/1996	Técnico Administrativo	COLÉGIO ESTADUAL JOAQUIM DE OLIVEIRA FRANCO	MANHÃ	Sala 09
81800016	TALYNARA MARTINS DE CARVALHO	12/01/1996	Técnico Administrativo	COLÉGIO ESTADUAL JOAQUIM DE OLIVEIRA FRANCO	MANHÃ	Sala 09
81800132	THAIANY DE SOUZA RUTHES	05/01/1993	Técnico Administrativo	COLÉGIO ESTADUAL JOAQUIM DE OLIVEIRA FRANCO	MANHÃ	Sala 10
81800153	THAISA CRISTINA DE ANDRADE RAMOS	15/02/1992	Técnico Administrativo	COLÉGIO ESTADUAL JOAQUIM DE OLIVEIRA FRANCO	MANHÃ	Sala 10
81801122	THAINA THAIS MARTINS ROCHA	01/10/1998	Técnico Administrativo	COLÉGIO ESTADUAL JOAQUIM DE OLIVEIRA FRANCO	MANHÃ	Sala 10
81800659	THAIS CRISTINA DE MOURA	26/10/1990	Técnico Administrativo	COLÉGIO ESTADUAL JOAQUIM DE OLIVEIRA FRANCO	MANHÃ	Sala 10
81800069	THAYSLAINE SUELEM FERREIRA	14/10/1997	Técnico Administrativo	COLÉGIO ESTADUAL JOAQUIM DE OLIVEIRA FRANCO	MANHÃ	Sala 10
81801696	THIAGO DA SILVA PORTELA	13/10/1997	Técnico Administrativo	COLÉGIO ESTADUAL JOAQUIM DE OLIVEIRA FRANCO	MANHÃ	Sala 11
81800470	UILIAM HUMBERTO OLIVEIRA DA SILVA	14/07/1989	Técnico Administrativo	COLÉGIO ESTADUAL JOAQUIM DE OLIVEIRA FRANCO	MANHÃ	Sala 11
81800875	VALMIR GONÇALVES RIBEIRO	17/12/1987	Técnico Administrativo	COLÉGIO ESTADUAL JOAQUIM DE OLIVEIRA FRANCO	MANHÃ	Sala 11
81800367	VALMIRA DE MATOS SOUZA	09/04/1980	Técnico Administrativo	COLÉGIO ESTADUAL JOAQUIM DE OLIVEIRA FRANCO	MANHÃ	Sala 11
81801380	VANESSA APARECIDA SALVESSO	21/09/1991	Técnico Administrativo	COLÉGIO ESTADUAL JOAQUIM DE OLIVEIRA FRANCO	MANHÃ	Sala 11
81800516	VÂNIA DELLA COLETTA MORENO	30/11/1976	Técnico Administrativo	COLÉGIO ESTADUAL JOAQUIM DE OLIVEIRA FRANCO	MANHÃ	Sala 11
81801551	VERA LUCIA MARCELINO	30/03/1965	Técnico Administrativo	COLÉGIO ESTADUAL JOAQUIM DE OLIVEIRA FRANCO	MANHÃ	Sala 11
81800696	WEDERSON NEVES DUARTE	31/07/1985	Técnico Administrativo	COLÉGIO ESTADUAL JOAQUIM DE OLIVEIRA FRANCO	MANHÃ	Sala 11
81800088	WELLINGTON FERNANDO DA MOTA	10/10/2000	Técnico Administrativo	COLÉGIO ESTADUAL JOAQUIM DE OLIVEIRA FRANCO	MANHÃ	Sala 11
81800501	WESLEY MENDES DA SILVA	23/11/1988	Técnico Administrativo	COLÉGIO ESTADUAL JOAQUIM DE OLIVEIRA FRANCO	MANHÃ	Sala 11
81801550	ALESSANDRO DA CRUZ CORDEIRO	30/03/1984	Técnico em Informática e Registro Sonoro	Colégio Estadual Mirele F. Zanão Machado	MANHÃ	Sala 01
81801033	ANDERSON DOS SANTOS PINTO	21/05/1984	Técnico em Informática e Registro Sonoro	Colégio Estadual Mirele F. Zanão Machado	MANHÃ	Sala 01
81801390	BRUNO RODRIGO QUINTANA MEDEIROS	14/05/1992	Técnico em Informática e Registro Sonoro	Colégio Estadual Mirele F. Zanão Machado	MANHÃ	Sala 01
81800816	CELSO BASHEVICZ	02/05/1986	Técnico em Informática e Registro Sonoro	Colégio Estadual Mirele F. Zanão Machado	MANHÃ	Sala 01
81800706	CHARLES ADRIANO HACK	06/11/1977	Técnico em Informática e Registro Sonoro	Colégio Estadual Mirele F. Zanão Machado	MANHÃ	Sala 01
81801083	CLAUDIO ANDRE SOUZA DA SILVA	20/04/1996	Técnico em Informática e Registro Sonoro	Colégio Estadual Mirele F. Zanão Machado	MANHÃ	Sala 01
81800987	CLAUDIO JOSMARIO OLIVEIRA GUEDES	08/01/1987	Técnico em Informática e Registro Sonoro	Colégio Estadual Mirele F. Zanão Machado	MANHÃ	Sala 01
81801016	DAVID WILLIAN PEREIRA MACHOTA	16/02/1987	Técnico em Informática e Registro Sonoro	Colégio Estadual Mirele F. Zanão Machado	MANHÃ	Sala 01
81801337	DERICK RAFAEL DE LARA	09/09/1999	Técnico em Informática e Registro Sonoro	Colégio Estadual Mirele F. Zanão Machado	MANHÃ	Sala 01
81801106	DIONEI CESAR FAGUNDES	24/09/1987	Técnico em Informática e Registro Sonoro	Colégio Estadual Mirele F. Zanão Machado	MANHÃ	Sala 01
81800405	EDSON LUIZ FERREIRA XAVIER	13/09/1985	Técnico em Informática e Registro Sonoro	Colégio Estadual Mirele F. Zanão Machado	MANHÃ	Sala 01
81801363	EVANDRO LUIS TREMA	05/12/1989	Técnico em Informática e Registro Sonoro	Colégio Estadual Mirele F. Zanão Machado	MANHÃ	Sala 01
81800055	FRANCISCO BUSENAI NETO	21/02/1987	Técnico em Informática e Registro Sonoro	Colégio Estadual Mirele F. Zanão Machado	MANHÃ	Sala 01
81801045	HELLOGE JUNIOR SCHER	11/01/1991	Técnico em Informática e Registro Sonoro	Colégio Estadual Mirele F. Zanão Machado	MANHÃ	Sala 01
81801535	JAMES JUNIOR SOCEK	07/11/1989	Técnico em Informática e Registro Sonoro	Colégio Estadual Mirele F. Zanão Machado	MANHÃ	Sala 01
81801290	JOCIMAR LISTIMO DE SOUZA	06/04/1985	Técnico em Informática e Registro Sonoro	Colégio Estadual Mirele F. Zanão Machado	MANHÃ	Sala 01
81800916	JORGE ALEXANDRE ZAYA	30/09/1982	Técnico em Informática e Registro Sonoro	Colégio Estadual Mirele F. Zanão Machado	MANHÃ	Sala 01
81801542	LEANDRO MARC DEMETRIO	27/06/1987	Técnico em Informática e Registro Sonoro	Colégio Estadual Mirele F. Zanão Machado	MANHÃ	Sala 01
81800508	LUCAS PASSOS SILVA DOS SANTOS	29/11/1996	Técnico em Informática e Registro Sonoro	Colégio Estadual Mirele F. Zanão Machado	MANHÃ	Sala 01
81801313	LUCIANO DANIEL AMARANTE	04/09/1977	Técnico em Informática e Registro Sonoro	Colégio Estadual Mirele F. Zanão Machado	MANHÃ	Sala 01
81801006	MARCIO BARBOSA	12/10/1990	Técnico em Informática e Registro Sonoro	Colégio Estadual Mirele F. Zanão Machado	MANHÃ	Sala 01
81800211	MARCIO LUIZ FERNANDES DE CAMARGO	22/06/1989	Técnico em Informática e Registro Sonoro	Colégio Estadual Mirele F. Zanão Machado	MANHÃ	Sala 01
81801317	MARCOS GUILHERME PELLANDA	17/09/1993	Técnico em Informática e Registro Sonoro	Colégio Estadual Mirele F. Zanão Machado	MANHÃ	Sala 01
81801288	MARCOS HÉRCULES DOS SANTOS	20/09/1994	Técnico em Informática e Registro Sonoro	Colégio Estadual Mirele F. Zanão Machado	MANHÃ	Sala 01
81801579	MATHEUS RODRIGUES BORDEIRO	24/02/2000	Técnico em Informática e Registro Sonoro	Colégio Estadual Mirele F. Zanão Machado	MANHÃ	Sala 01
81801578	MAYKON MACHADO REIS	05/07/1996	Técnico em Informática e Registro Sonoro	Colégio Estadual Mirele F. Zanão Machado	MANHÃ	Sala 01
81801113	NICHOLAS MICHEL PANOWSKI	21/08/1998	Técnico em Informática e Registro Sonoro	Colégio Estadual Mirele F. Zanão Machado	MANHÃ	Sala 01
81801052	PAULO LINEU MACIEL JUNIOR	12/04/1985	Técnico em Informática e Registro Sonoro	Colégio Estadual Mirele F. Zanão Machado	MANHÃ	Sala 01
81801020	PEDRO DE SOUZA GALVAO JUNIOR	01/04/1996	Técnico em Informática e Registro Sonoro	Colégio Estadual Mirele F. Zanão Machado	MANHÃ	Sala 01
81801476	RAPHAEL WILLIAM MENDES DE SOUZA	22/10/1977	Técnico em Informática e Registro Sonoro	Colégio Estadual Mirele F. Zanão Machado	MANHÃ	Sala 01
81801539	REGINALDO KOPPELL	27/12/1987	Técnico em Informática e Registro Sonoro	Colégio Estadual Mirele F. Zanão Machado	MANHÃ	Sala 01
81800795	RENATO GEOVANI HONÓRIO	29/03/1974	Técnico em Informática e Registro Sonoro	Colégio Estadual Mirele F. Zanão Machado	MANHÃ	Sala 01
81801553	RICARDO MORO MIRANDA	15/06/1997	Técnico em Informática e Registro Sonoro	Colégio Estadual Mirele F. Zanão Machado	MANHÃ	Sala 01
81800077	RULIANA CAROLINA JARNO	03/02/1997	Técnico em Informática e Registro Sonoro	Colégio Estadual Mirele F. Zanão Machado	MANHÃ	Sala 09
81800536	YURI YUKIO KAWASAWA	01/12/1996	Técnico em Informática e Registro Sonoro	Colégio Estadual Mirele F. Zanão Machado	MANHÃ	Sala 09
81801006	ALEXANDRE RAMOS ROCHA	03/06/1996	Técnico em Licitações	Colégio Estadual Pedro Alfonso de Camargo	MANHÃ	Sala 09
81800317	ALLAN ADRIANO RODRIGUES	16/06/1996	Técnico em Licitações	Colégio Estadual Pedro Alfonso de Camargo	MANHÃ	Sala 09
81800118	ANA FLÁVIA BATISTA	26/01/1997	Técnico em Licitações	Colégio Estadual Pedro Alfonso de Camargo	MANHÃ	Sala 09
81800332	ANDERSON MOREIRA BATISTA	10/11/1986	Técnico em Licitações	Colégio Estadual Pedro Alfonso de Camargo	MANHÃ	Sala 09
81800373	ANDRÉ LUCCAS KUCHARR MONEGAGLIA	13/12/1998	Técnico em Licitações	Colégio Estadual Pedro Alfonso de Camargo	MANHÃ	Sala 09
81800153	ARLENE ROSELI PELANDA	11/10/1966	Técnico em Licitações	Colégio Estadual Pedro Alfonso de Camargo	MANHÃ	Sala 09
81801002	AYUMI KARINE PASQUARELLO IZAKI	27/07/1996	Técnico em Licitações	Colégio Estadual Pedro Alfonso de Camargo	MANHÃ	Sala 09
81800490	BRUNO RODRIGO CHAVES	31/12/1993	Técnico em Licitações	Colégio Estadual Pedro Alfonso de Camargo	MANHÃ	Sala 09
81800665	CHRISTOPHER EDUARDO MENDES ROCHA	21/06/1997	Técnico em Licitações	Colégio Estadual Pedro Alfonso de Camargo	MANHÃ	Sala 09
81800616	CLEYTON MACHADO DA SILVA	26/08/1987	Técnico em Licitações	Colégio Estadual Pedro Alfonso de Camargo	MANHÃ	Sala 09
81800376	CRISTINA PIRES PEREIRA NASCIMENTO	21/09/1981	Técnico em Licitações	Colégio Estadual Pedro Alfonso de Camargo	MANHÃ	Sala 09
81800519	DANIELE CRISTINA SIQUEIRA LIMA	01/05/1980	Técnico em Licitações	Colégio Estadual Pedro Alfonso de Camargo	MANHÃ	Sala 09
81800692	DANIELE FONTOURA DOS SANTOS	24/03/1994	Técnico em Licitações	Colégio Estadual Pedro Alfonso de Camargo	MANHÃ	Sala 09
81800627	DENISE FERNANDES	29/09/1996	Técnico em Licitações	Colégio Estadual Pedro Alfonso de Camargo	MANHÃ	Sala 09
81800293	DIEGO ÁVILA DE OLIVEIRA	03/06/1987	Técnico em Licitações	Colégio Estadual Pedro Alfonso de Camargo	MANHÃ	Sala 09
81800009	DIEGO DE SOUZA	04/06/1991	Técnico em Licitações	Colégio Estadual Pedro Alfonso de Camargo	MANHÃ	Sala 09
81800128	DIEGO URSULINO DIAS DA SILVA	26/06/1987	Técnico em Licitações	Colégio Estadual Pedro Alfonso de Camargo	MANHÃ	Sala 09
81800116	DÚMARA JOSLIN	02/08/1975	Técnico em Licitações	Colégio Estadual Pedro Alfonso de Camargo	MANHÃ	Sala 09
81800499	EDUARDO ESPINDÃO	15/06/1985	Técnico em Licitações	Colégio Estadual Pedro Alfonso de Camargo	MANHÃ	Sala 09
81800646	EMANUEL RICARDO DA SILVA	04/08/1986	Técnico em Licitações	Colégio Estadual Pedro Alfonso de Camargo	MANHÃ	Sala 09
81800153	EMANUELE SEVERO DOS SANTOS	06/06/1993	Técnico em Licitações	Colégio Estadual Pedro Alfonso de Camargo	MANHÃ	Sala 09
81800063	EVELIN TAMANINI CORDEIRO	03/06/1995	Técnico em Licitações	Colégio Estadual Pedro Alfonso de Camargo	MANHÃ	Sala 09
81800418	FABIANA CARINE KOCHAK	03/09/1985	Técnico em Licitações	Colégio Estadual Pedro Alfonso de Camargo	MANHÃ	Sala 09
81800147	FABRICIA MOREIRA SILVA	01/09/1993	Técnico em Licitações	Colégio Estadual Pedro Alfonso de Camargo	MANHÃ	Sala 09
81800613	FELIPE LUDOVICO DE OLIVEIRA TEIXEIRA	21/06/1999	Técnico em Licitações	Colégio Estadual Pedro Alfonso de Camargo	MANHÃ	Sala 09
81801376	FRANCISCO DE OLIVEIRA ANTONIO	24/07/1999	Técnico em Licitações	Colégio Estadual Pedro Alfonso de Camargo	MANHÃ	Sala 09
81800098	GABRIELA BARDEN SOUZA	06/01/1998	Técnico em Licitações	Colégio Estadual Pedro Alfonso de Camargo	MANHÃ	Sala 09
81800950	GRAZIELLI FRANCO	10/01/1987	Técnico em Licitações	Colégio Estadual Pedro Alfonso de Camargo	MANHÃ	Sala 09
81800122	GUILHERME HENRIQUE TITON HOTZ	01/11/1997	Técnico em Licitações	Colégio Estadual Pedro Alfonso de Camargo	MANHÃ	Sala 09
81800976	GUSTAVO BALLA	11/10/1991	Técnico em Licitações	Colégio Estadual Pedro Alfonso de Camargo	MANHÃ	Sala 09
81800153	IGOR LUIZ DE FREITAS	21/02/1986	Técnico em Licitações	Colégio Estadual Pedro Alfonso de Camargo	MANHÃ	Sala 09
81800391	ISABEL CRISTINA FERREIRA BORA	04/05/1963	Técnico em Licitações	Colégio Estadual Pedro Alfonso de Camargo	MANHÃ	Sala 09
81800112	ISABELLA SOUZA DIAS	10/03/1999	Técnico em Licitações	Colégio Estadual Pedro Alfonso de Camargo	MANHÃ	Sala 09
81800479	IVAN GUILHERME DACORREGIO	19/09/1996	Técnico em Licitações	Colégio Estadual Pedro Alfonso de Camargo	MANHÃ	Sala 09
81800154	JAQUELINE DAURI	25/08/1994	Técnico em Licitações	Colégio Estadual Pedro Alfonso de Camargo	MANHÃ	Sala 09
81800338	JEAN CARLO DE BRITO	19/08/1993	Técnico em Licitações	Colégio Estadual Pedro Alfonso de Camargo	MANHÃ	Sala 09
81800626	JESSÉ ALEXANDRE DE ALMEIDA	17/02/1986	Técnico em Licitações	Colégio Estadual Pedro Alfonso de Camargo	MANHÃ	Sala 09
81800325	JOÃO BATISTA DA COSTA	15/11/1999	Técnico em Licitações	Colégio Estadual Pedro Alfonso de Camargo	MANHÃ	Sala 09
81800301	JOÃO ITIBIRE JUNIOR	26/06/1966	Técnico em Licitações	Colégio Estadual Pedro Alfonso de Camargo	MANHÃ	Sala 09
81800128	JOÃO VITOR SOUVIAM TEIXEIRA	26/06/2003	Técnico em Licitações	Colégio Estadual Pedro Alfonso de Camargo	MANHÃ	Sala 09
81800126	JULIANA TEREZINHA RODRIGUES	26/09/1990	Técnico em Licitações	Colégio Estadual Pedro Alfonso de Camargo	MANHÃ	Sala 09
81800492	JULIO CÉSAR DANTAS ALVES	04/08/1984	Técnico em Licitações	Colégio Estadual Pedro Alfonso de Camargo	MANHÃ	Sala 09
81800656	KATIA MARTINS LEÃO	12/06/1983	Técnico em Licitações	Colégio Estadual Pedro Alfonso de Camargo	MANHÃ	Sala 09
81800153	KELLY CRISTINA GARCIA	01/09/1995	Técnico em Licitações	Colégio Estadual Pedro Alfonso de Camargo	MANHÃ	Sala 09
81800062	KELVY GUEDES SOUZA AMORIM	29/09/1996	Técnico em Licitações	Colégio Estadual Pedro Alfonso de Camargo	MANHÃ	Sala 09
81800644	LEANDRO STABEPRAUD	15/01/1993	Técnico em Licitações	Colégio Estadual Pedro Alfonso de Camargo	MANHÃ	Sala 09
81800700	LEONARDO PEREIRA ZAMBIAT	13/08/1996	Técnico em Licitações	Colégio Estadual Pedro Alfonso de Camargo	MANHÃ	Sala 09
81800282	LETÍCIA APARECIDA BARBOSA	04/12/2001	Técnico em Licitações	Colégio Estadual Pedro Alfonso de Camargo	MANHÃ	Sala 10
81800127	LOHANA KAROLYNE DA SILVA OLIVEIRA	27/06/1996	Técnico em Licitações	Colégio Estadual Pedro Alfonso de Camargo	MANHÃ	Sala 10
81800141	LOIDE MACHADO DOS SANTOS	16/09/1983	Técnico em Licitações	Colégio Estadual Pedro Alfonso de Camargo	MANHÃ	Sala 10
81800061	LORIANE DA SILVA CAMARGO	04/11/1989	Técnico em Licitações	Colégio Estadual Pedro Alfonso de Camargo	MANHÃ	Sala 10
81800048	LUCIANE RENATA DA SILVA	27/04/1982	Técnico em Licitações	Colégio Estadual Pedro Alfonso de Camargo	MANHÃ	Sala 10
81800066	MARCELLE CORDEIRA VIEIRA	16/06/1983	Técnico em Licitações	Colégio Estadual Pedro Alfonso de Camargo	MANHÃ	Sala 10
81800993	MARYELLE MARCCO	10/08/2000	Técnico em Licitações	Colégio Estadual Pedro Alfonso de Camargo	MANHÃ	Sala 10
81800456	MATHEUS ARNOLDO DOS SANTOS MACEDO	11/12/1998	Técnico em Licitações	Colégio Estadual Pedro Alfonso de Camargo	MANHÃ	Sala 10
81800715	MAYARA ALMAN DE LIMA NOGUEIRA	07/12/1997	Técnico em Licitações	Colégio Estadual Pedro Alfonso de Camargo	MANHÃ	Sala 10
81800318	MAYARA ANACLETO	04/03/1996	Técnico em Licitações	Colégio Estadual Pedro Alfonso de Camargo	MANHÃ	Sala 10
81800632	MAYARA CHAVES	21/06/1996	Técnico em Licitações	Colégio Estadual Pedro Alfonso de Camargo	MANHÃ	Sala 10
81800368	PAMELLA FEO DE CARVALHO	19/09/1995	Técnico em Licitações	Colégio Estadual Pedro Alfonso de Camargo	MANHÃ	Sala 10
81800141	PAMELA AMARAL	20/06/2000	Técnico em Licitações	Colégio Estadual Pedro Alfonso de Camargo	MANHÃ	Sala 10
81800161	PATRICIA MARTINS	11/08/1997	Técnico em Licitações	Colégio Estadual Pedro Alfonso de Camargo	MANHÃ	Sala 10
81800608	RAFAEL DE ASSIS MECK DE LIMA	05/06/2000	Técnico em Licitações	Colégio Estadual Pedro Alfonso de Camargo	MANHÃ	Sala 10
81800123	RAQUEL ARAUJO DA SILVA	31/08/1996	Técnico em Licitações	Colégio Estadual Pedro Alfonso de Camargo	MANHÃ	Sala 10
81800127	RENAN MARQUES FABER	01/06/1995	Técnico em Licitações	Colégio Estadual Pedro Alfonso de Camargo	MANHÃ	Sala 10
81800339	RICHELLE CÂNDIDO DE LIMA	16/10/1997	Técnico em Licitações	Colégio Estadual Pedro Alfonso de Camargo	MANHÃ	Sala 10
81801078	RITA DE CÁSSIA MENDES BATISTA	27/11/1965	Técnico em Licitações	Colégio Estadual Pedro Alfonso de Camargo	MANHÃ	Sala 10
81800139	ROBER SANDRO CORDEIRO	06/02/1977	Técnico em Licitações	Colégio Estadual Pedro Alfonso de Camargo	MANHÃ	Sala 10
81800660	ROBERTO NOCETINSKI PEREIRA	26/06/1998	Técnico em Licitações	Colégio Estadual Pedro Alfonso de Camargo	MANHÃ	Sala 10
81800636	ROSANA ADRIANE SKOREI FERREIRA	04/06/1983	Técnico em Licitações	Colégio Estadual Pedro Alfonso de Camargo	MANHÃ	Sala 10
81801370	ROSANA LUCAS DA CUNHA	19/09/1986	Técnico em Licitações	Colégio Estadual Pedro Alfonso de Camargo	MANHÃ	Sala 10
81800341	SANDRIELY RIBEIRO	03/11/1993	Técnico em Licitações	Colégio Estadual Pedro Alfonso de Camargo	MANHÃ	Sala 10
81800456	SÉRGIO ADRIANO CZAIKOWSKI	21/04/1995	Técnico em Licitações	Colégio Estadual Pedro Alfonso de Camargo	MANHÃ	Sala 10
81800068	SUZANA LEMOS DOS SANTOS	05/10/1992	Técnico em Licitações	Colégio Estadual Pedro Alfonso de Camargo	MANHÃ	Sala 10
81800133	SUZANA SALETE DE SOUZA	30/09/1971	Técnico em Licitações	Colégio Estadual Pedro Alfonso de Camargo	MANHÃ	Sala 10
81801120	TAIS CRISTIANE	12/07/1998	Técnico em Licitações	Colégio Estadual Pedro Alfonso de Camargo	MANHÃ	Sala 10
81800476	VICTOR GABRIEL MEDINA REIS	01/01/1999	Técnico em Licitações	Colégio Estadual Pedro Alfonso de Camargo	MANHÃ	Sala 10
81800173	WELLINGTON RODRIGUES DA SILVA	05/02/1997	Técnico em Licitações	Colégio Estadual Pedro Alfonso de Camargo	MANHÃ	Sala 10
81800164	WILLIAM BORGES VIEIRA	11/06/1994	Técnico em Licitações	Colégio Estadual Pedro Alfonso de Camargo	MANHÃ	Sala 10
81800636	ADRIANA MARA STIEF	01/12/2000	Técnico em Redação, Procedimento Legislativo, Atas e Anais	Colégio Estadual Mirele F. Zanão Machado	MANHÃ	Sala 02
81800752	ALINE MUNES SILVA	28/09/1990	Técnico em Redação, Procedimento Legislativo, Atas e Anais	Colégio Estadual Mirele F. Zanão Machado	MANHÃ	Sala 02
81800601	AMANDA GRINISZ	22/08/1998	Técnico em Redação, Procedimento Legislativo, Atas e Anais	Colégio Estadual Mirele F. Zanão Machado	MANHÃ	Sala 02
81800402	AMANDA KAUS MACHADO	27/11/1984	Técnico em Redação, Procedimento Legislativo, Atas e Anais	Colégio Estadual Mirele F. Zanão Machado	MANHÃ	Sala 02
81801023	ANDRESSA JAQUELINE FERREIRA DE OLIVEIRA	19/10/1990	Técnico em Redação, Procedimento Legislativo, Atas e Anais	Colégio Estadual Mirele F. Zanão Machado	MANHÃ	Sala 02
81801151	BIANCA MILENA DE PAULA	14/11/1996	Técnico em Redação, Procedimento Legislativo, Atas e Anais	Colégio Estadual Mirele F. Zanão Machado	MANHÃ	Sala 02
81800618	BRUNA MARIA WISNIEWSKI TOMASONI	07/09/1995	Técnico em Redação, Procedimento Legislativo, Atas e Anais	Colégio Estadual Mirele F. Zanão Machado	MANHÃ	Sala 02
81800049	CARMEN WICHACZ	22/03/1969	Técnico em Redação, Procedimento Legislativo, Atas e Anais	Colégio Estadual Mirele F. Zanão Machado	MANHÃ	Sala 02
81800753	CELIA TEREZINHA SCHOBUT LECHETA	03/06/1964	Técnico em Redação, Procedimento Legislativo, Atas e Anais	Colégio Estadual Mirele F. Zanão Machado	MANHÃ	Sala 02
81800622	DANIELA FURVIA FERNANDES CORDEIRO	12/06/1986	Técnico em Redação, Procedimento Legislativo, Atas e Anais	Colégio Estadual Mirele F. Zanão Machado	MANHÃ	Sala 02
81800405	DANIELLE CRISTINA DE LIMA TORRES	01/10/1986	Técnico em Redação, Procedimento Legislativo, Atas e Anais	Colégio Estadual Mirele F. Zanão Machado	MANHÃ	Sala 02
81801275	DEBORA CRISTINA BRANCHINI	31/08/1991	Técnico em Redação, Procedimento Legislativo, Atas e Anais	Colégio Estadual Mirele F. Zanão Machado	MANHÃ	Sala 02
81800701	DIEGO CRUZ LIMA	16/05/1987	Técnico em Redação, Procedimento Legislativo, Atas e Anais	Colégio Estadual Mirele F. Zanão Machado	MANHÃ	Sala 02
81800700	DIANE CRISTINA PAMUCI	04/06/2000	Técnico em Redação, Procedimento Legislativo, Atas e Anais	Colégio Estadual Mirele F. Zanão Machado	MANHÃ	Sala 02
81800702	ELISA HELENA GRUB	03/09/1973	Técnico em Redação, Procedimento Legislativo, Atas e Anais	Colégio Estadual Mirele F. Zanão Machado	MANHÃ	Sala 02
81801371	ERIVELTON SOUZA MARQUES	05/09/1995	Técnico em Redação, Procedimento Legislativo, Atas e Anais	Colégio Estadual Mirele F. Zanão Machado	MANHÃ	Sala 02
81800318	FABIANE DE FREITAS	27/05/1998	Técnico em Redação, Procedimento Legislativo, Atas e Anais	Colégio Estadual Mirele F. Zanão Machado	MANHÃ	Sala 02
81800103	FERNANDA MICHELE DURAU	04/03/1985	Técnico em Redação, Procedimento Legislativo, Atas e Anais	Colégio Estadual Mirele F. Zanão Machado	MANHÃ	Sala 02
81800242	FRANCINE ALVARENGA GONÇALVES	19/10/1985	Técnico em Redação, Procedimento Legislativo, Atas e Anais	Colégio Estadual Mirele F. Zanão Machado	MANHÃ	Sala 05
81800675	GISLAINE KAES	03/09/1992	Técnico em Redação, Procedimento Legislativo, Atas e Anais	Colégio Estadual Mirele F. Zanão Machado	MANHÃ	Sala 05
81800767	HELOISE GIMENES DE OLIVEIRA	28/04/1992	Técnico em Redação, Procedimento Legislativo, Atas e Anais	Colégio Estadual Mirele F. Zanão Machado	MANHÃ	Sala 05
81800461	INGRIMAR MONTENEGRO DE ALMEIDA	26/10/1983	Técnico em Redação, Procedimento Legislativo, Atas e Anais	Colégio Estadual Mirele F. Zanão Machado	MANHÃ	Sala 05
81800396	IZABETTH ALINE COSTA DE SOUZA NORONHA	27/01/1995	Técnico em Redação, Procedimento Legislativo, Atas e Anais	Colégio Estadual Mirele F. Zanão Machado	MANHÃ	Sala 05
81800061	JANIY SAVITZKI	20/07/1994	Técnico em Redação, Procedimento Legislativo, Atas e Anais	Colégio Estadual Mirele F. Zanão Machado	MANHÃ	Sala 05
81800001	JENIFER AMANDA DE MORAES	17/11/1996	Técnico em Redação, Procedimento Legislativo, Atas e Anais	Colégio Estadual Mirele F. Zanão Machado	MANHÃ	Sala 05
81800665	JESSE DA ROCHA ZOELLNER	19/09/1993	Técnico em Redação, Procedimento Legislativo, Atas e Anais	Colégio Estadual Mirele F. Zanão Machado	MANHÃ	Sala 05
81800609	JÉSSICA MARCATTI	16/01/1994	Técnico em Redação, Procedimento Legislativo, Atas e Anais	Colégio Estadual Mirele F. Zanão Machado	MANHÃ	Sala 05
81801520	JOANA THAIS CLAUDINO	21/09/1998	Técnico em Redação, Procedimento Legislativo, Atas e Anais	Colégio Estadual Mirele F. Zanão Machado	MANHÃ	Sala 05
81800529	JULIANO CESAR DE BRITO	23/09/1983	Técnico em Redação, Procedimento Legislativo, Atas e Anais	Colégio Estadual Mirele F. Zanão Machado	MANHÃ	Sala 05
81800396	LARISSA GABRIELA MIRA	09/04/1996	Técnico em Redação, Procedimento Legislativo, Atas e Anais	Colégio Estadual Mirele F. Zanão Machado	MANHÃ	Sala 05
81800412	LUCIANA APARECIDA WERNER DA SILVA	07/06/1980	Técnico em Redação, Procedimento Legislativo, Atas e Anais	Colégio Estadual Mirele F. Zanão Machado	MANHÃ	Sala 05
81801375	LUCIANA CAROLINE DE ANDRADE	06/04/1992	Técnico em Redação, Procedimento Legislativo, Atas e Anais	Colégio Estadual Mirele F. Zanão Machado	MANHÃ	Sala 05
81800368	LUCIMARA CAROLINA DE ALMEIDA	30/07/1982	Técnico em Redação, Procedimento Legislativo, Atas e Anais	Colégio Estadual Mirele F. Zanão Machado	MANHÃ	Sala 05
81801000	MARCELO DE BRITTO JUNIOR	08/02/1996	Técnico em Redação, Procedimento Legislativo, Atas e Anais	Colégio Estadual Mirele F. Zanão Machado	MANHÃ	Sala 05
81800325	MARIANA LOPES DA SILVA	15/10/1987	Técnico em Redação, Procedimento Legislativo, Atas e Anais	Colégio Estadual Mirele F. Zanão Machado	MANHÃ	Sala 05
81800977	NICOLE ZEPSON COUSSO	21/12/1998	Técnico em Redação, Procedimento Legislativo, Atas e Anais	Colégio Estadual Mirele F. Zanão Machado	MANHÃ	Sala 05
81800720	NIVALDO JOSE PEREIRA	28/10/1974	Técnico em Redação, Procedimento Legislativo, Atas e Anais	Colégio Estadual Mirele F. Zanão Machado	MANHÃ	Sala 05
81800326	NIVALDO VIEIRA LOURENÇO JUNIOR	28/08/1985	Técnico em Redação, Procedimento Legislativo, Atas e Anais	Colégio Estadual Mirele F. Zanão Machado	MANHÃ	Sala 05
81801026	RAFAELA PAULA DA SILVA	20/09/1998	Técnico em Redação, Procedimento Legislativo, Atas e Anais	Colégio Estadual Mirele F. Zanão Machado	MANHÃ	Sala 05
81800128	REGINA MEURER	31/03/1963	Técnico em Redação, Procedimento Legislativo, Atas e Anais	Colégio Estadual Mirele F. Zanão Machado	MANHÃ	Sala 05
81800561	ROBSON BERTASSO	06/02/1992	Técnico em Redação, Procedimento Legislativo, Atas e Anais	Colégio Estadual Mirele F. Zanão Machado	MANHÃ	Sala 05
81800336	ROSIANE BACTOS DE CRUZ	01/10/1984	Técnico em Redação, Procedimento Legislativo, Atas e Anais	Colégio Estadual Mirele F. Zanão Machado	MANHÃ	Sala 05
81800510	STEPHANIE PEREIRA DA ROCHA	23/06/1995	Técnico em Redação, Procedimento Legislativo, Atas e Anais	Colégio Estadual Mirele F. Zanão Machado	MANHÃ	Sala 05
81800101	THIAGO DE PRANDES PEREIRA	02/10/1989	Técnico em Redação, Procedimento Legislativo, Atas e Anais	Colégio Estadual Mirele F. Zanão Machado	MANHÃ	Sala 05
81800125	VANDIER MARIA DO NASCIMENTO	05/01/1990	Técnico em Redação, Procedimento Legislativo, Atas e Anais	Colégio Estadual Mirele F. Zanão Machado	MANHÃ	Sala 05
81800900	VANESSA CRISTINA DE PAULA	21/04/1997	Técnico em Redação, Procedimento Legislativo, Atas e Anais	Colégio Estadual Mirele F. Zanão Machado	MANHÃ	Sala 05
CÂMARA MUNICIPAL DE MANDIRITUBA
CONCURSO PÚBLICO EDITAL Nº 001/2020
PUBLICAÇÃO Nº 008/2021
ANEXO II – RESULTADO DEFINITIVO DOS PEDIDOS DE TRATAMENTO DIFERENCIADO
Inscrição	Candidato	Data Nascimento	Cargo	Descrição	Resultado	Justificativa
81800055	Cristiane serafim	15/05/1987	Técnico Administrativo	gestante - proximidade de sanitário	Deferido	
81800198	Isabela Santos da Silva Machado Kwitschal	22/08/1993	Técnico Administrativo	Lactante	Deferido	
81800086	NEIRE TEREZINHA BUHRER	10/01/1976	Técnico Administrativo	Lactante	Deferido	
81801196	PATRICIA CRISTIANE MIKA	06/04/1992	Técnico Administrativo	grávida	Deferido	
81800665	Evelin Tamanini Cordeiro	03/06/1995	Técnico em Licitações	Lactante	Deferido	
81800059	Rosenilda Aparecida Biscaia	17/06/1982	Analista de Gestão Fiscal	Sala fácil acesso	Deferido	
81800121	Jeferson Miguel piontekievicz	18/09/1976	Auxiliar de Serviços Gerais	Deficiência mono ocular, baixa visão no olho direito.	Indeferido	Não encaminhou laudo conforme previsto em edital.
81801557	Karine Taine Da Mota	11/02/2002	Recepcionista	Tempo Adicional	Indeferido	Não encaminhou laudo conforme previsto em edital.
81801584	Karinne Mariane Fernandes da Silva	22/06/1992	Técnico Administrativo	Necessidade de uso de aparelho auditivo	Indeferido	Não encaminhou laudo conforme previsto em edital.
